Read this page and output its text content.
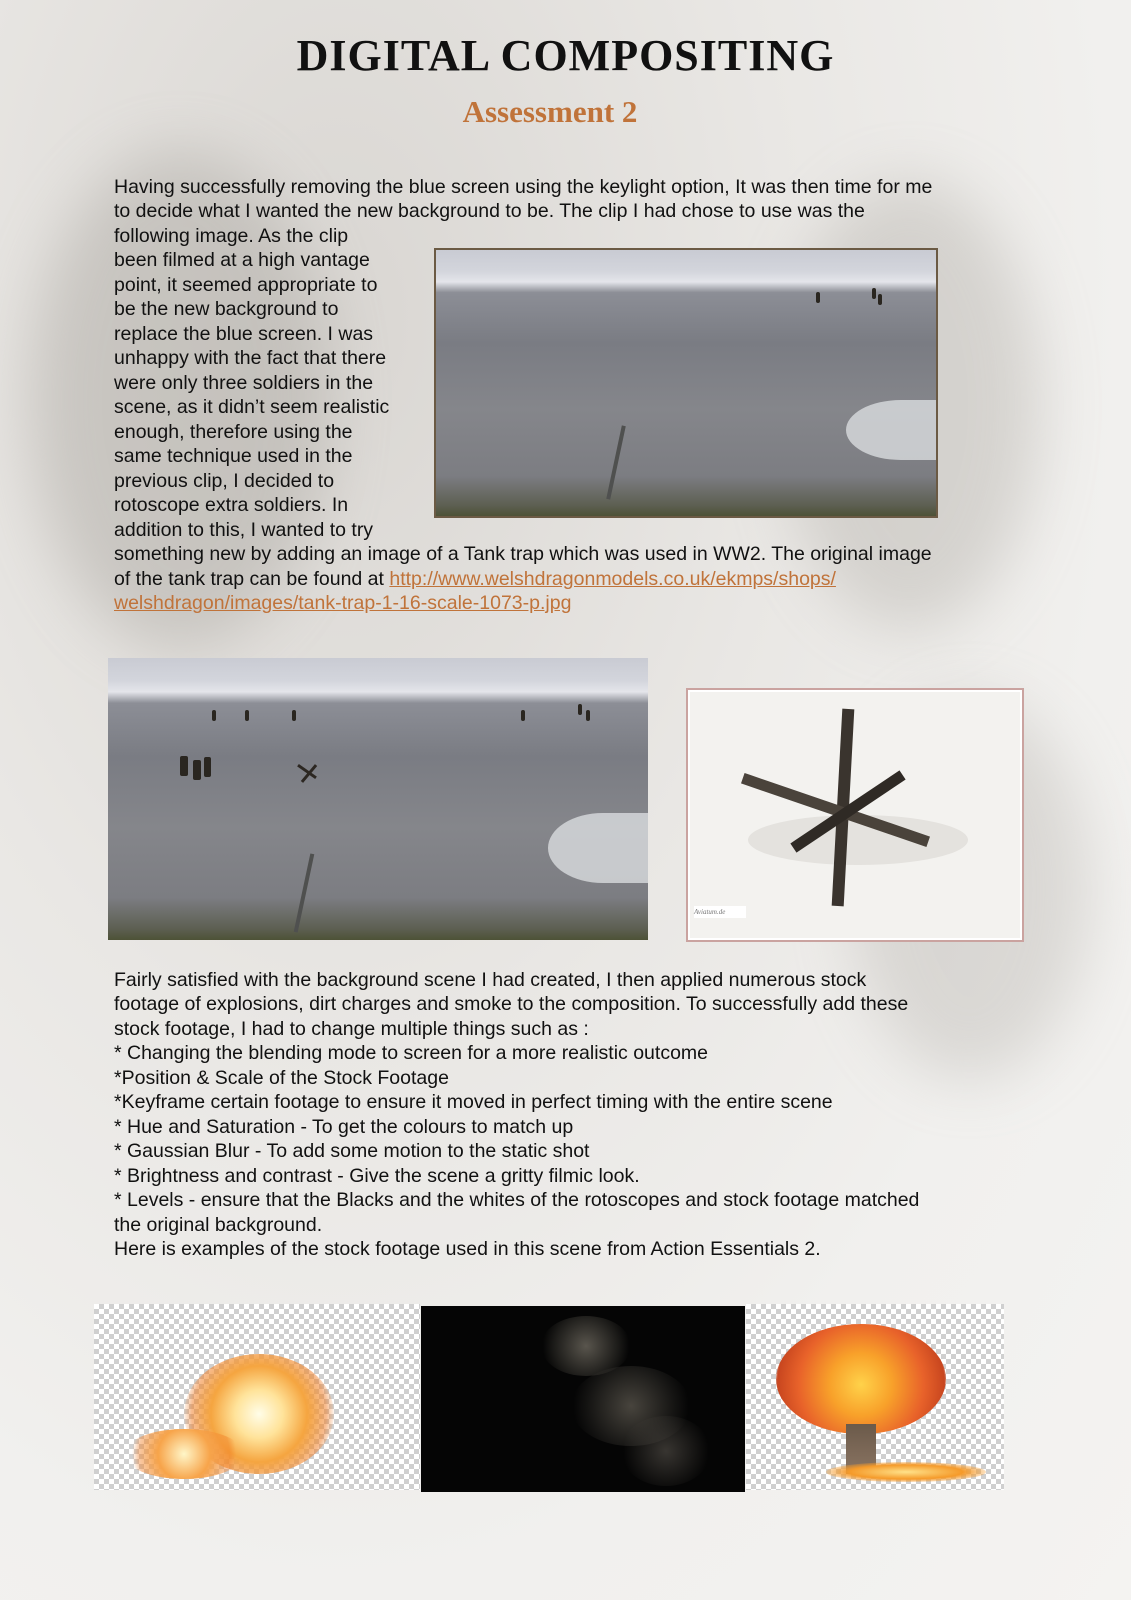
DIGITAL COMPOSITING
Assessment 2
Having successfully removing the blue screen using the keylight option, It was then time for me
to decide what I wanted the new background to be. The clip I had chose to use was the
following image. As the clip
been filmed at a high vantage
point, it seemed appropriate to
be the new background to
replace the blue screen. I was
unhappy with the fact that there
were only three soldiers in the
scene, as it didn’t seem realistic
enough, therefore using the
same technique used in the
previous clip, I decided to
rotoscope extra soldiers. In
addition to this, I wanted to try
something new by adding an image of a Tank trap which was used in WW2. The original image
of the tank trap can be found at http://www.welshdragonmodels.co.uk/ekmps/shops/
welshdragon/images/tank-trap-1-16-scale-1073-p.jpg
Aviatum.de
Fairly satisfied with the background scene I had created, I then applied numerous stock
footage of explosions, dirt charges and smoke to the composition. To successfully add these
stock footage, I had to change multiple things such as :
* Changing the blending mode to screen for a more realistic outcome
*Position & Scale of the Stock Footage
*Keyframe certain footage to ensure it moved in perfect timing with the entire scene
* Hue and Saturation - To get the colours to match up
* Gaussian Blur - To add some motion to the static shot
* Brightness and contrast - Give the scene a gritty filmic look.
* Levels - ensure that the Blacks and the whites of the rotoscopes and stock footage matched
the original background.
Here is examples of the stock footage used in this scene from Action Essentials 2.
